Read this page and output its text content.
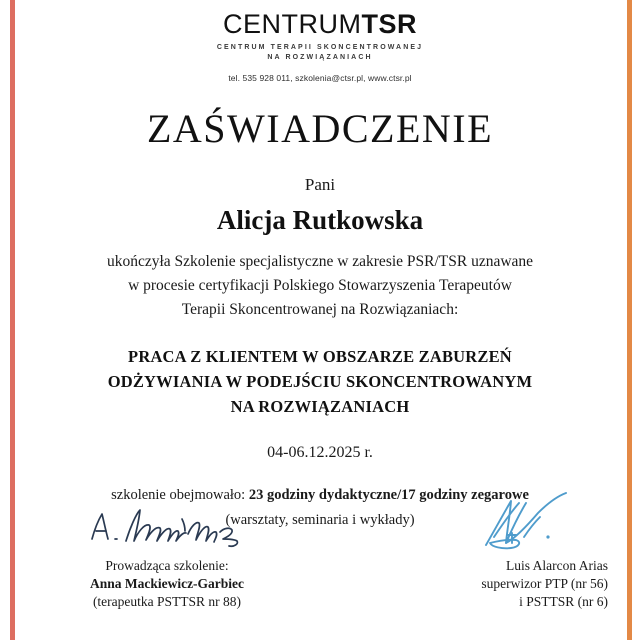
CENTRUMTSR
CENTRUM TERAPII SKONCENTROWANEJ
NA ROZWIĄZANIACH
tel. 535 928 011, szkolenia@ctsr.pl, www.ctsr.pl
ZAŚWIADCZENIE
Pani
Alicja Rutkowska
ukończyła Szkolenie specjalistyczne w zakresie PSR/TSR uznawane
w procesie certyfikacji Polskiego Stowarzyszenia Terapeutów
Terapii Skoncentrowanej na Rozwiązaniach:
PRACA Z KLIENTEM W OBSZARZE ZABURZEŃ
ODŻYWIANIA W PODEJŚCIU SKONCENTROWANYM
NA ROZWIĄZANIACH
04-06.12.2025 r.
szkolenie obejmowało: 23 godziny dydaktyczne/17 godziny zegarowe
(warsztaty, seminaria i wykłady)
Prowadząca szkolenie:
Anna Mackiewicz-Garbiec
(terapeutka PSTTSR nr 88)
Luis Alarcon Arias
superwizor PTP (nr 56)
i PSTTSR (nr 6)
